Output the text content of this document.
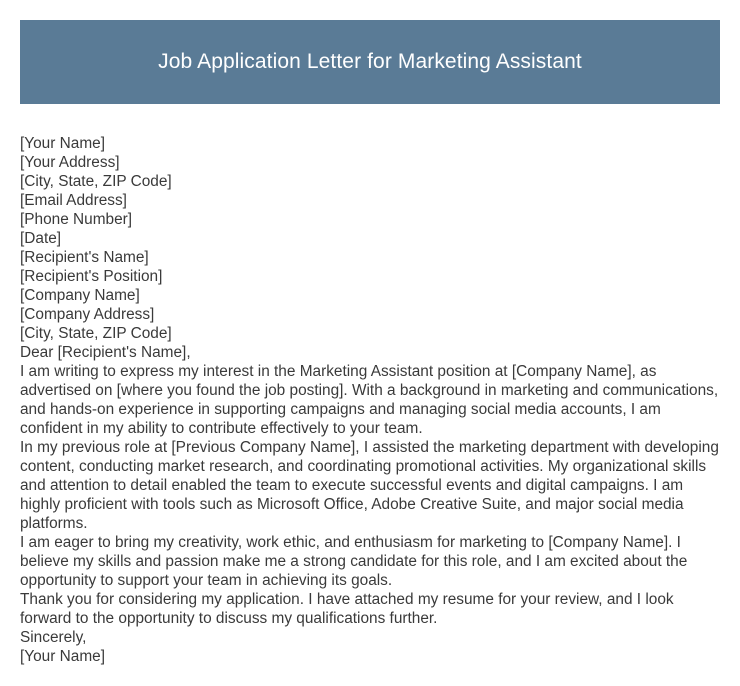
Job Application Letter for Marketing Assistant

[Your Name]

[Your Address]

[City, State, ZIP Code]

[Email Address]

[Phone Number]

[Date]

[Recipient's Name]

[Recipient's Position]

[Company Name]

[Company Address]

[City, State, ZIP Code]

Dear [Recipient's Name],

I am writing to express my interest in the Marketing Assistant position at [Company Name], as advertised on [where you found the job posting]. With a background in marketing and communications, and hands-on experience in supporting campaigns and managing social media accounts, I am confident in my ability to contribute effectively to your team.

In my previous role at [Previous Company Name], I assisted the marketing department with developing content, conducting market research, and coordinating promotional activities. My organizational skills and attention to detail enabled the team to execute successful events and digital campaigns. I am highly proficient with tools such as Microsoft Office, Adobe Creative Suite, and major social media platforms.

I am eager to bring my creativity, work ethic, and enthusiasm for marketing to [Company Name]. I believe my skills and passion make me a strong candidate for this role, and I am excited about the opportunity to support your team in achieving its goals.

Thank you for considering my application. I have attached my resume for your review, and I look forward to the opportunity to discuss my qualifications further.

Sincerely,

[Your Name]
